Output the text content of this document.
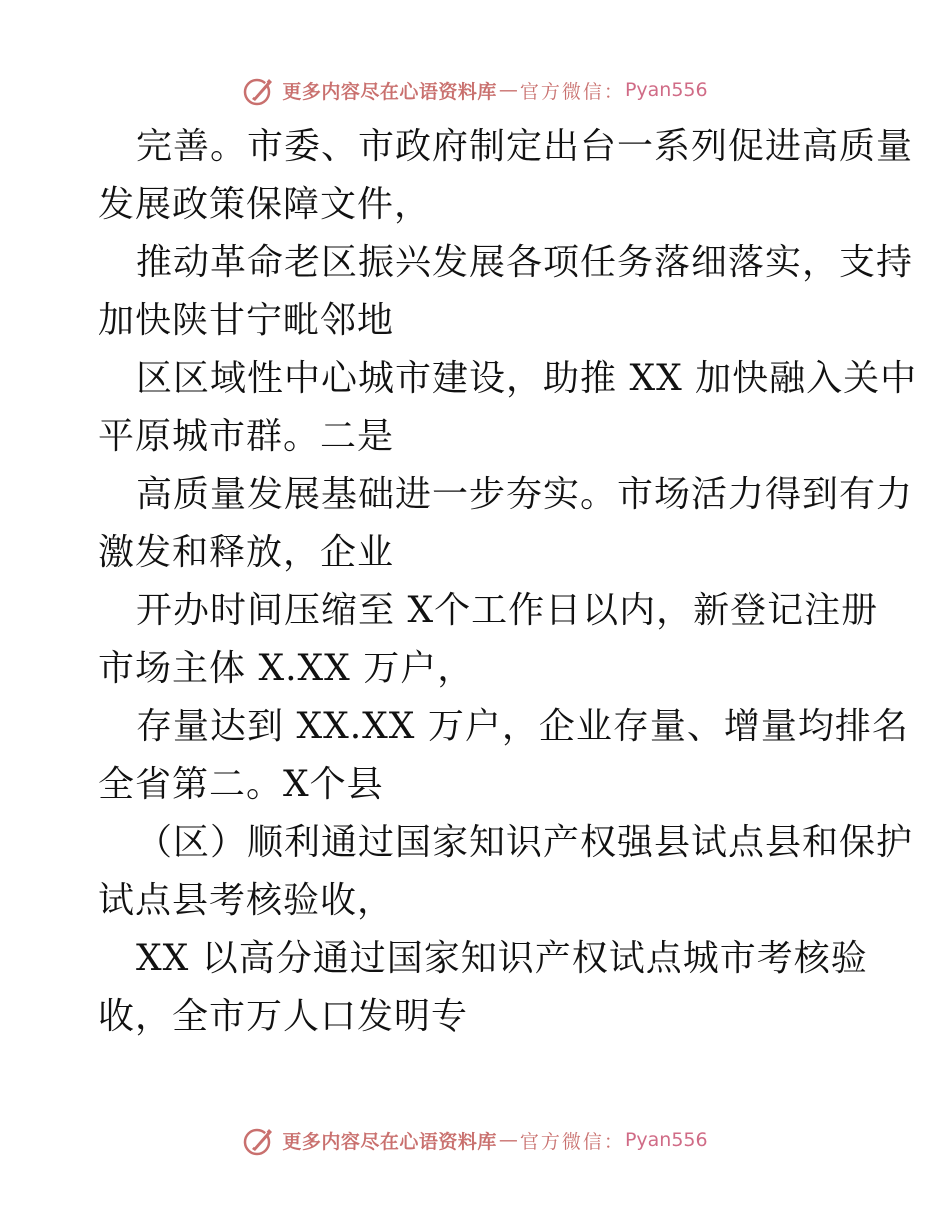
更多内容尽在心语资料库 — 官方微信： Pyan556
完善。市委、市政府制定出台一系列促进高质量
发展政策保障文件，
推动革命老区振兴发展各项任务落细落实，支持
加快陕甘宁毗邻地
区区域性中心城市建设，助推 XX 加快融入关中
平原城市群。二是
高质量发展基础进一步夯实。市场活力得到有力
激发和释放，企业
开办时间压缩至 X个工作日以内，新登记注册
市场主体 X.XX 万户，
存量达到 XX.XX 万户，企业存量、增量均排名
全省第二。X个县
（区）顺利通过国家知识产权强县试点县和保护
试点县考核验收，
XX 以高分通过国家知识产权试点城市考核验
收，全市万人口发明专
更多内容尽在心语资料库 — 官方微信： Pyan556
